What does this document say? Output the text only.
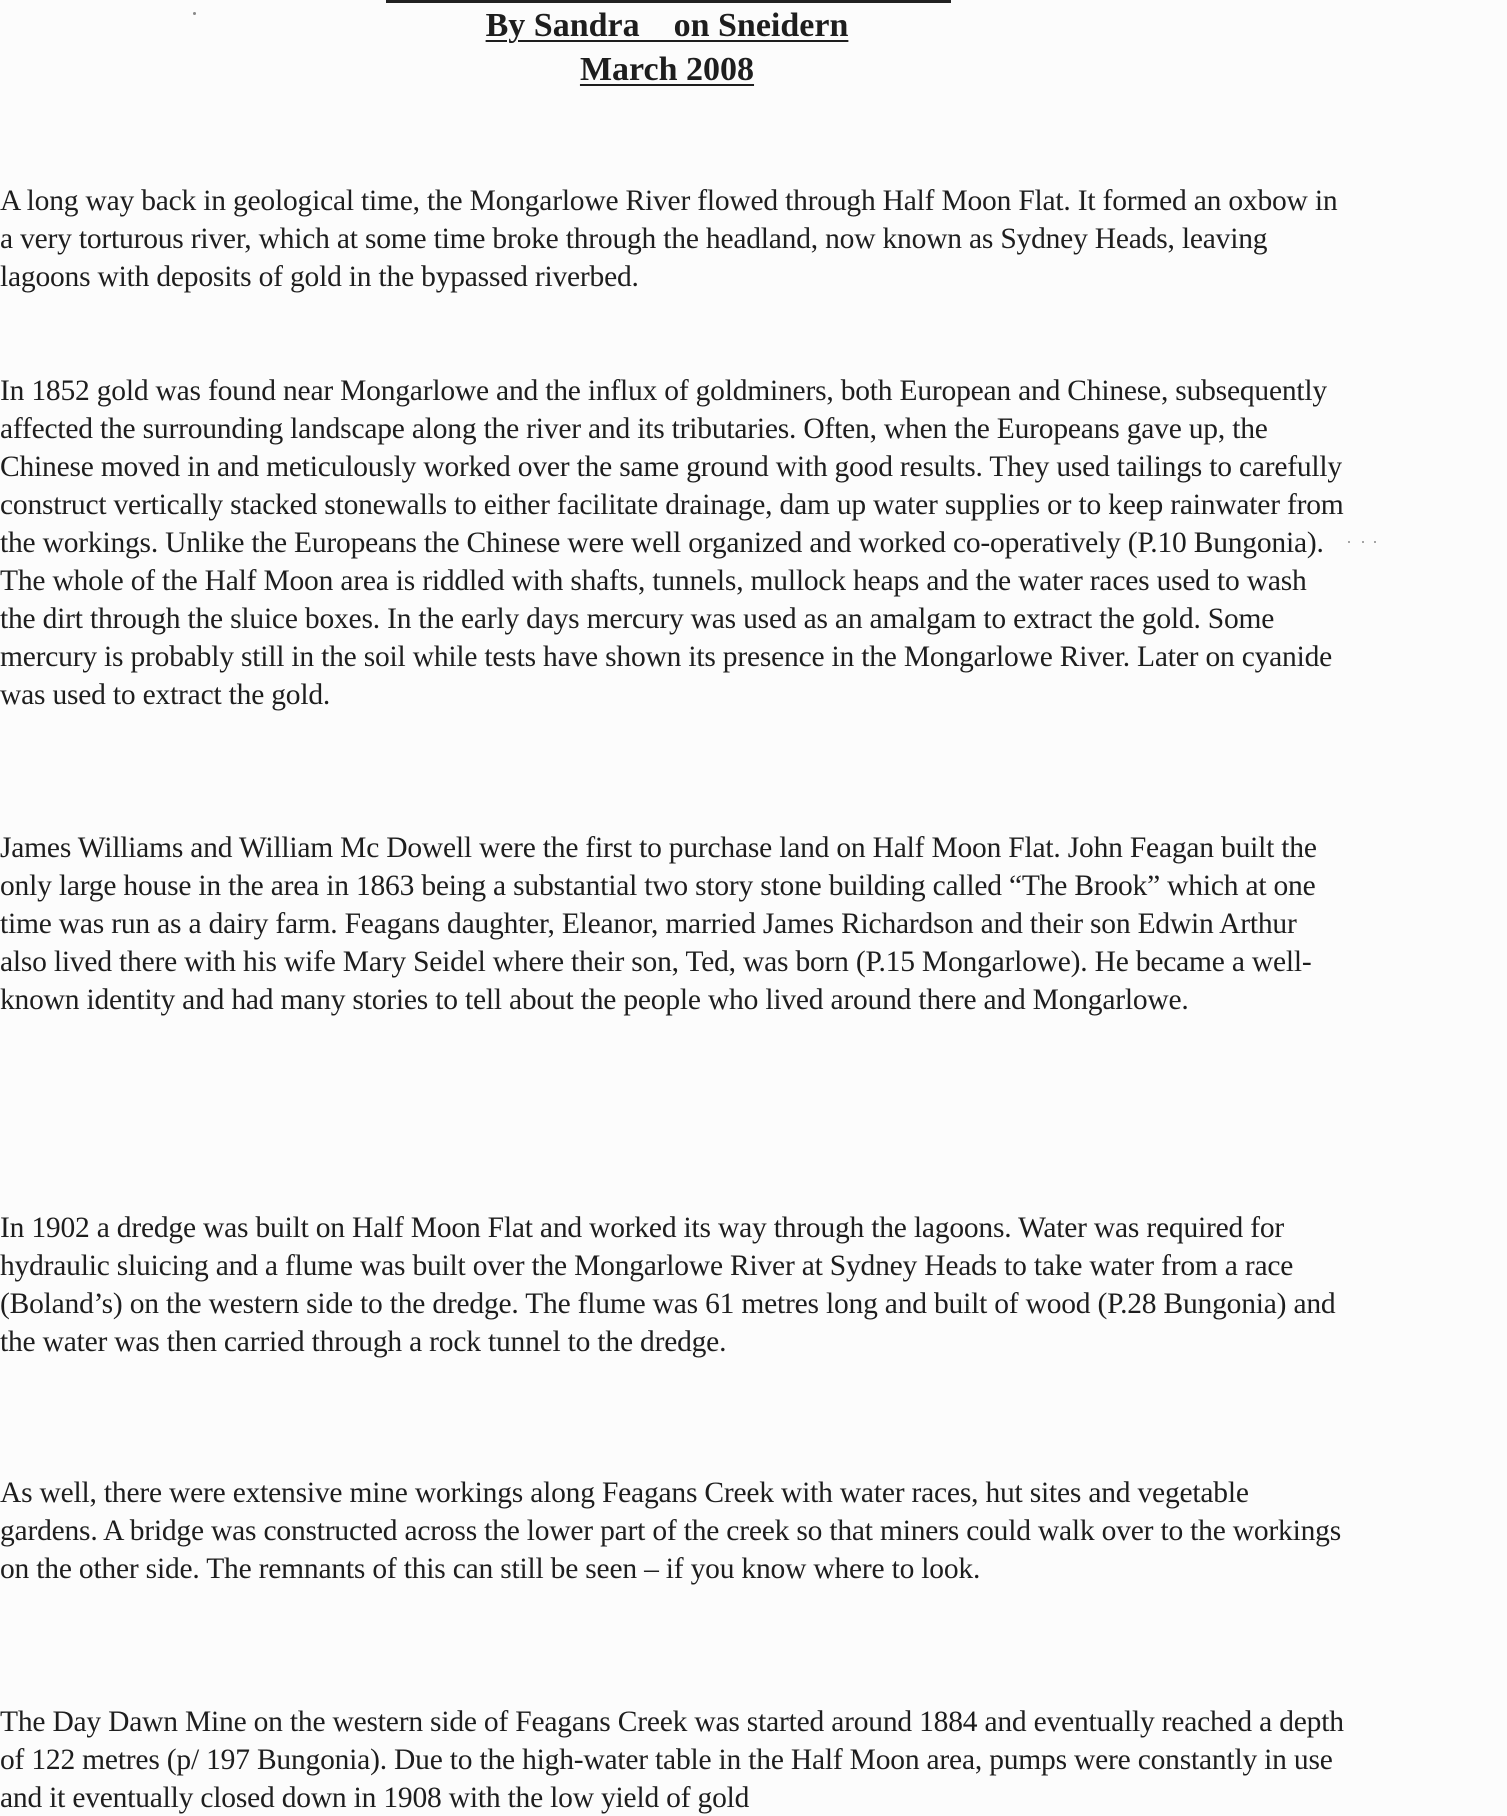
By Sandra    on Sneidern

March 2008

A long way back in geological time, the Mongarlowe River flowed through Half Moon Flat. It formed an oxbow in a very torturous river, which at some time broke through the headland, now known as Sydney Heads, leaving lagoons with deposits of gold in the bypassed riverbed.

In 1852 gold was found near Mongarlowe and the influx of goldminers, both European and Chinese, subsequently affected the surrounding landscape along the river and its tributaries. Often, when the Europeans gave up, the Chinese moved in and meticulously worked over the same ground with good results. They used tailings to carefully construct vertically stacked stonewalls to either facilitate drainage, dam up water supplies or to keep rainwater from the workings. Unlike the Europeans the Chinese were well organized and worked co-operatively (P.10 Bungonia). The whole of the Half Moon area is riddled with shafts, tunnels, mullock heaps and the water races used to wash the dirt through the sluice boxes. In the early days mercury was used as an amalgam to extract the gold. Some mercury is probably still in the soil while tests have shown its presence in the Mongarlowe River. Later on cyanide was used to extract the gold.

James Williams and William Mc Dowell were the first to purchase land on Half Moon Flat. John Feagan built the only large house in the area in 1863 being a substantial two story stone building called “The Brook” which at one time was run as a dairy farm. Feagans daughter, Eleanor, married James Richardson and their son Edwin Arthur also lived there with his wife Mary Seidel where their son, Ted, was born (P.15 Mongarlowe). He became a well-known identity and had many stories to tell about the people who lived around there and Mongarlowe.

In 1902 a dredge was built on Half Moon Flat and worked its way through the lagoons. Water was required for hydraulic sluicing and a flume was built over the Mongarlowe River at Sydney Heads to take water from a race (Boland’s) on the western side to the dredge. The flume was 61 metres long and built of wood (P.28 Bungonia) and the water was then carried through a rock tunnel to the dredge.

As well, there were extensive mine workings along Feagans Creek with water races, hut sites and vegetable gardens. A bridge was constructed across the lower part of the creek so that miners could walk over to the workings on the other side. The remnants of this can still be seen – if you know where to look.

The Day Dawn Mine on the western side of Feagans Creek was started around 1884 and eventually reached a depth of 122 metres (p/ 197 Bungonia). Due to the high-water table in the Half Moon area, pumps were constantly in use and it eventually closed down in 1908 with the low yield of gold
